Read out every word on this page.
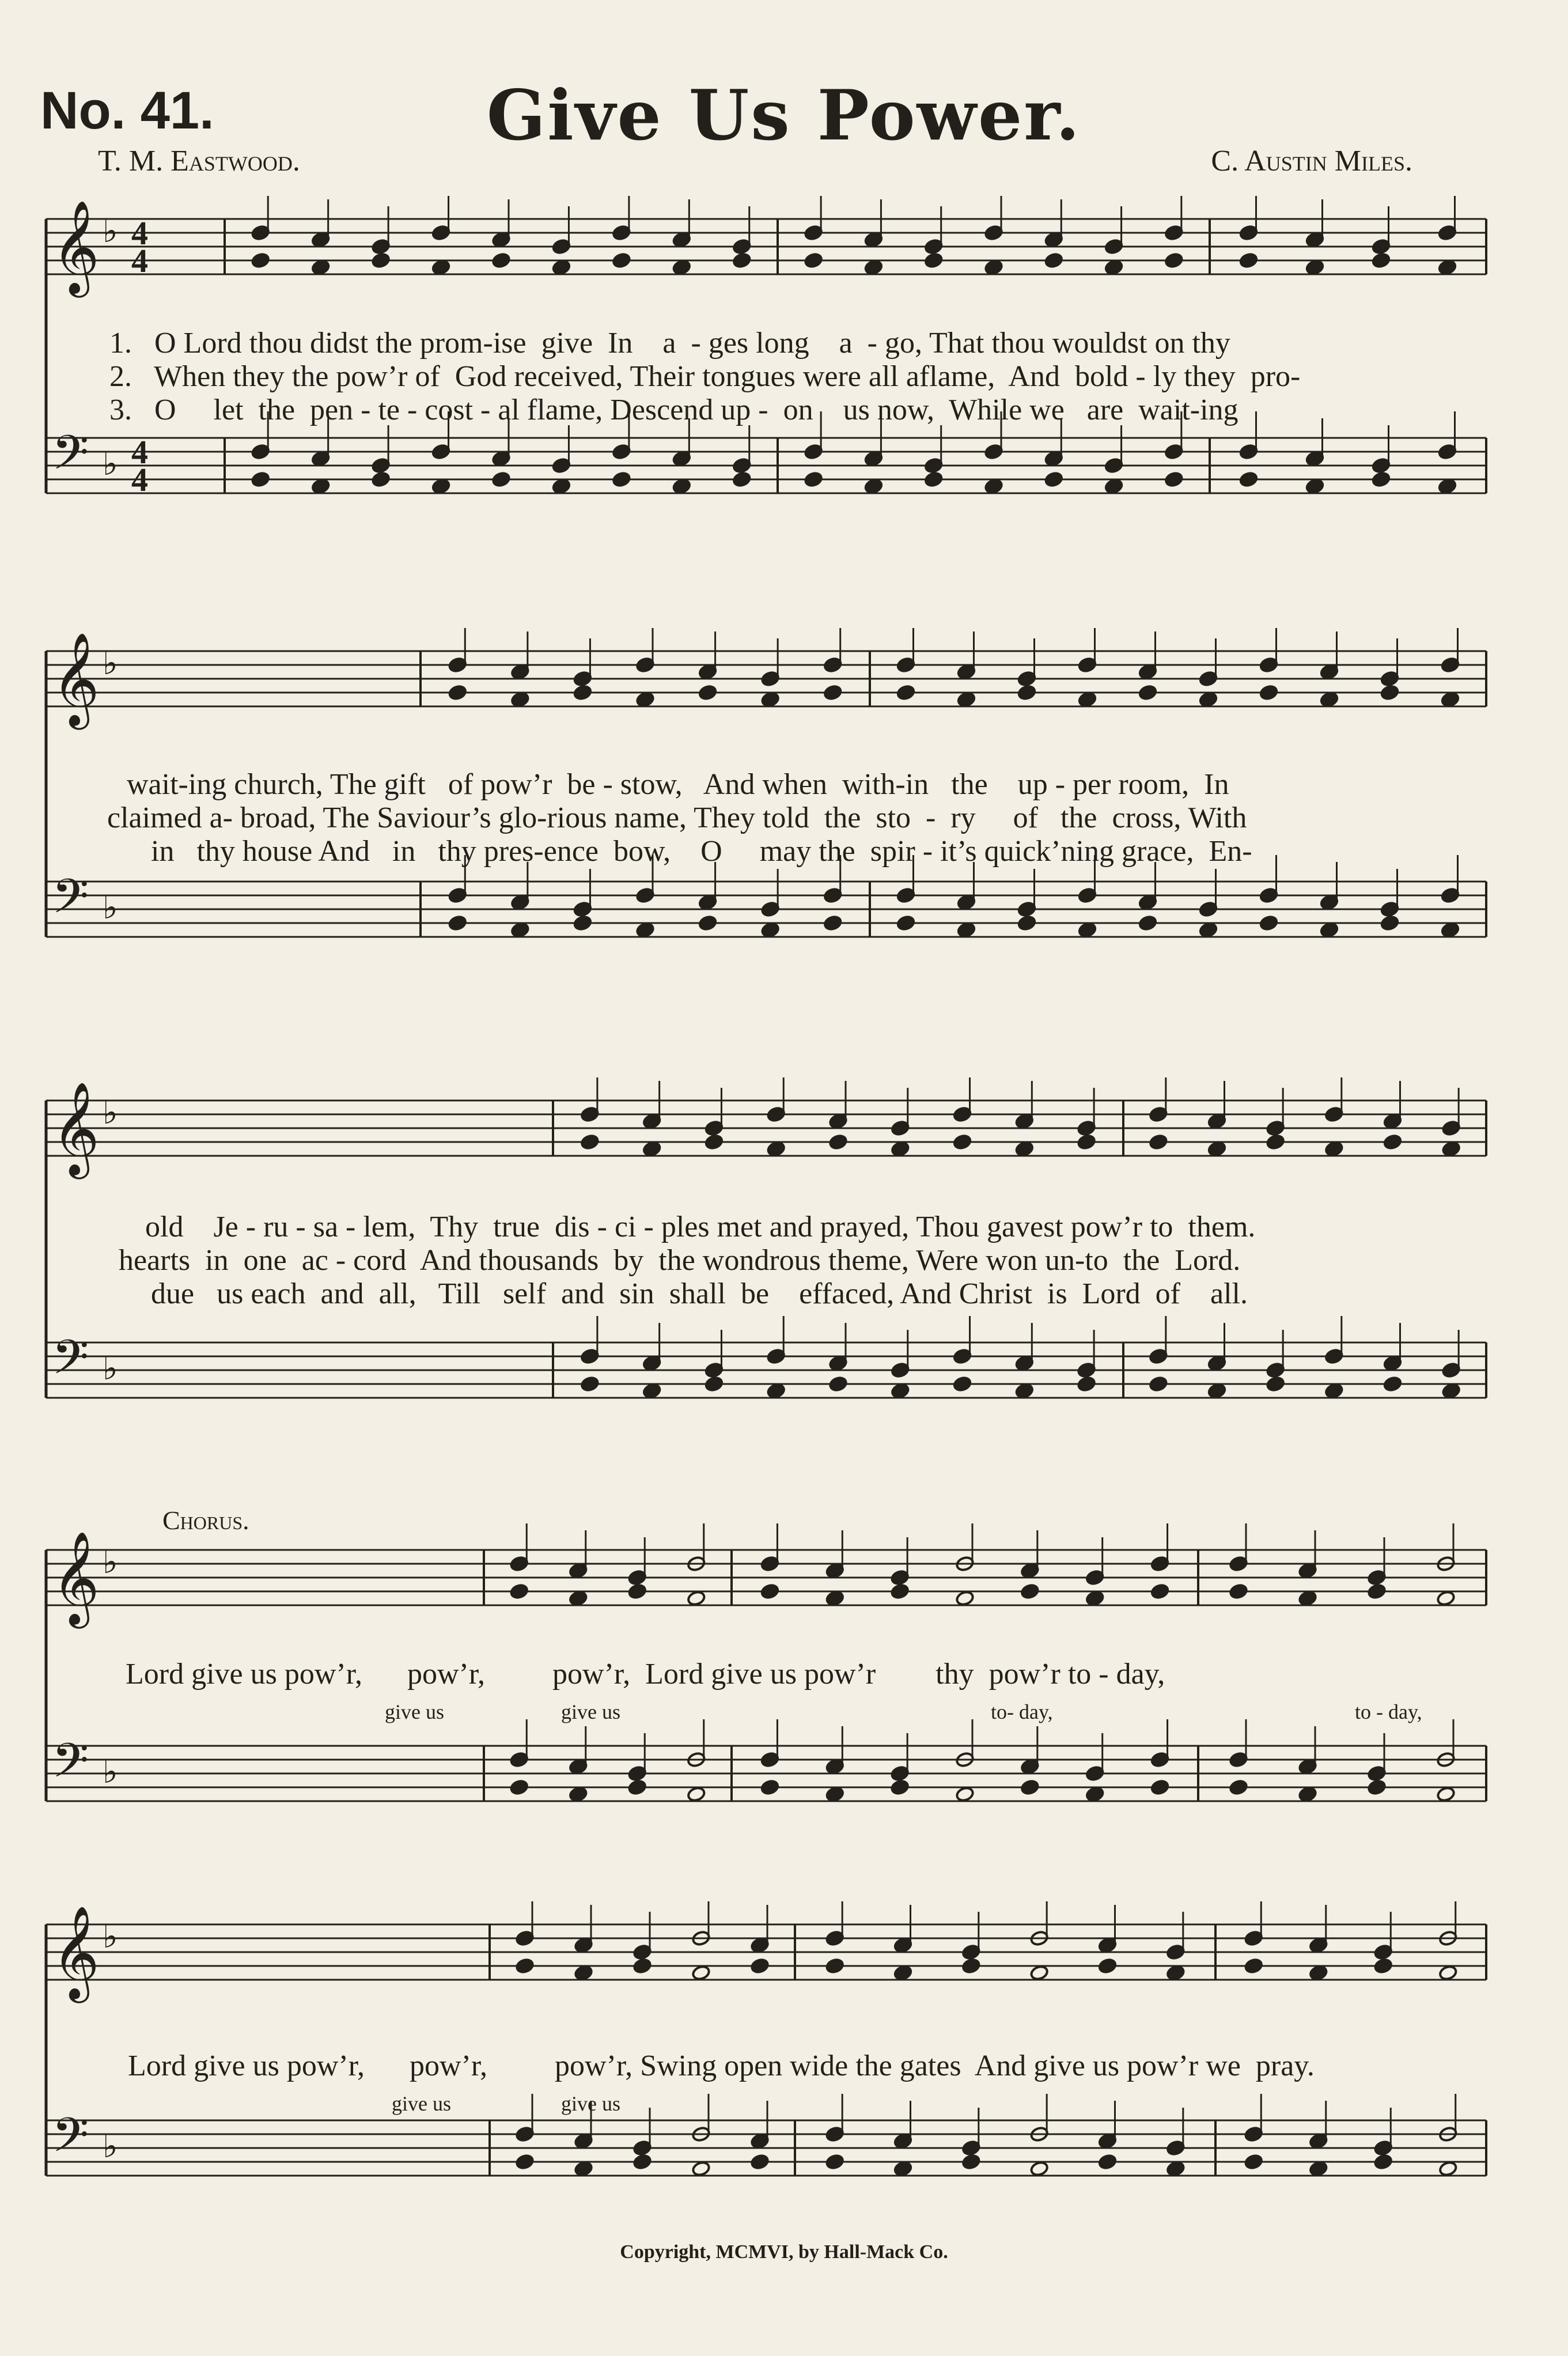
No. 41.	Give Us Power.
T. M. Eastwood.	C. Austin Miles.
𝄞 ♭
𝄢 ♭
4
4
4
4
1.   O Lord thou didst the prom-ise  give  In    a  - ges long    a  - go, That thou wouldst on thy
2.   When they the pow’r of  God received, Their tongues were all aflame,  And  bold - ly they  pro-
3.   O     let  the  pen - te - cost - al flame, Descend up -  on    us now,  While we   are  wait-ing
𝄞 ♭
𝄢 ♭
wait-ing church, The gift   of pow’r  be - stow,   And when  with-in   the    up - per room,  In
claimed a- broad, The Saviour’s glo-rious name, They told  the  sto  -  ry     of   the  cross, With
in   thy house And   in   thy pres-ence  bow,    O     may the  spir - it’s quick’ning grace,  En-
𝄞 ♭
𝄢 ♭
old    Je - ru - sa - lem,  Thy  true  dis - ci - ples met and prayed, Thou gavest pow’r to  them.
hearts  in  one  ac - cord  And thousands  by  the wondrous theme, Were won un-to  the  Lord.
due   us each  and  all,   Till   self  and  sin  shall  be    effaced, And Christ  is  Lord  of    all.
Chorus.
𝄞 ♭
𝄢 ♭
Lord give us pow’r,      pow’r,         pow’r,  Lord give us pow’r        thy  pow’r to - day,
give us	give us	to- day,	to - day,
𝄞 ♭
𝄢 ♭
Lord give us pow’r,      pow’r,         pow’r, Swing open wide the gates  And give us pow’r we  pray.
give us	give us
Copyright, MCMVI, by Hall-Mack Co.
